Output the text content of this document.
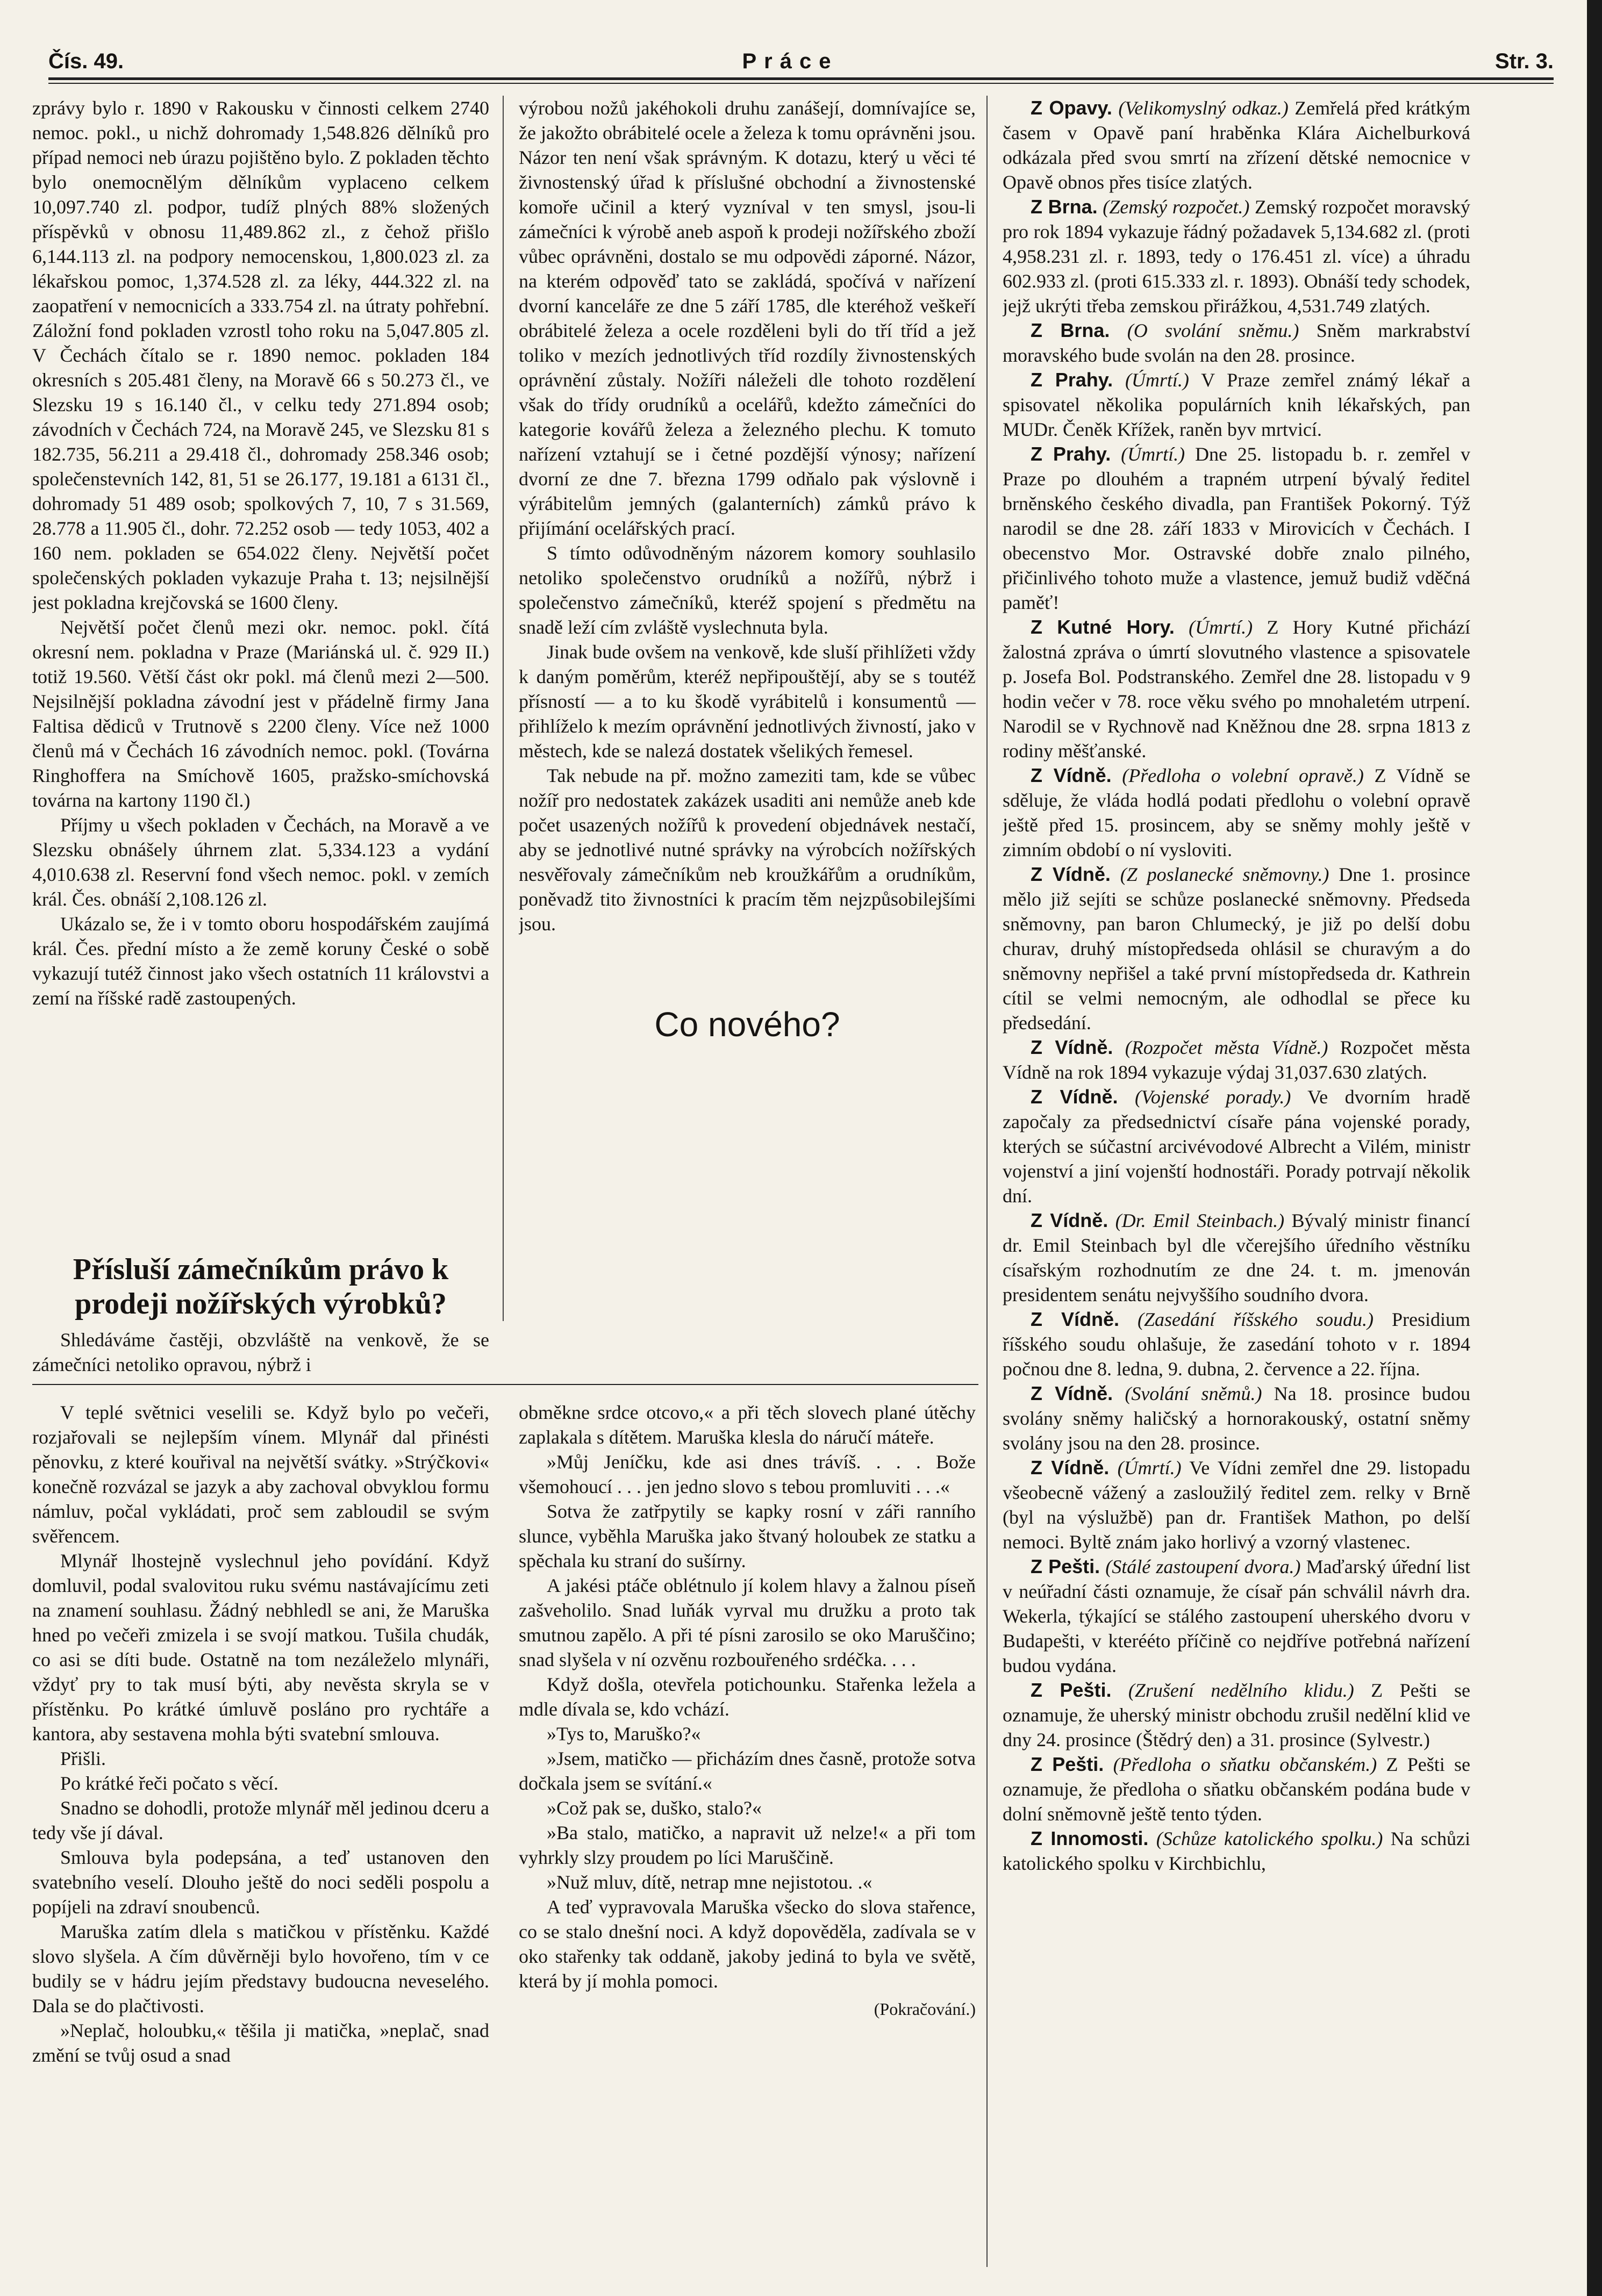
Čís. 49.	Práce	Str. 3.

zprávy bylo r. 1890 v Rakousku v činnosti celkem 2740 nemoc. pokl., u nichž dohromady 1,548.826 dělníků pro případ nemoci neb úrazu pojištěno bylo. Z pokladen těchto bylo onemocnělým dělníkům vyplaceno celkem 10,097.740 zl. podpor, tudíž plných 88% složených příspěvků v obnosu 11,489.862 zl., z čehož přišlo 6,144.113 zl. na podpory nemocenskou, 1,800.023 zl. za lékařskou pomoc, 1,374.528 zl. za léky, 444.322 zl. na zaopatření v nemocnicích a 333.754 zl. na útraty pohřební. Záložní fond pokladen vzrostl toho roku na 5,047.805 zl. V Čechách čítalo se r. 1890 nemoc. pokladen 184 okresních s 205.481 členy, na Moravě 66 s 50.273 čl., ve Slezsku 19 s 16.140 čl., v celku tedy 271.894 osob; závodních v Čechách 724, na Moravě 245, ve Slezsku 81 s 182.735, 56.211 a 29.418 čl., dohromady 258.346 osob; společenstevních 142, 81, 51 se 26.177, 19.181 a 6131 čl., dohromady 51 489 osob; spolkových 7, 10, 7 s 31.569, 28.778 a 11.905 čl., dohr. 72.252 osob — tedy 1053, 402 a 160 nem. pokladen se 654.022 členy. Největší počet společenských pokladen vykazuje Praha t. 13; nejsilnější jest pokladna krejčovská se 1600 členy.

Největší počet členů mezi okr. nemoc. pokl. čítá okresní nem. pokladna v Praze (Mariánská ul. č. 929 II.) totiž 19.560. Větší část okr pokl. má členů mezi 2—500. Nejsilnější pokladna závodní jest v přádelně firmy Jana Faltisa dědiců v Trutnově s 2200 členy. Více než 1000 členů má v Čechách 16 závodních nemoc. pokl. (Továrna Ringhoffera na Smíchově 1605, pražsko-smíchovská továrna na kartony 1190 čl.)

Příjmy u všech pokladen v Čechách, na Moravě a ve Slezsku obnášely úhrnem zlat. 5,334.123 a vydání 4,010.638 zl. Reservní fond všech nemoc. pokl. v zemích král. Čes. obnáší 2,108.126 zl.

Ukázalo se, že i v tomto oboru hospodářském zaujímá král. Čes. přední místo a že země koruny České o sobě vykazují tutéž činnost jako všech ostatních 11 královstvi a zemí na říšské radě zastoupených.

Přísluší zámečníkům právo k prodeji nožířských výrobků?
Shledáváme častěji, obzvláště na venkově, že se zámečníci netoliko opravou, nýbrž i

výrobou nožů jakéhokoli druhu zanášejí, domnívajíce se, že jakožto obrábitelé ocele a železa k tomu oprávněni jsou. Názor ten není však správným. K dotazu, který u věci té živnostenský úřad k příslušné obchodní a živnostenské komoře učinil a který vyzníval v ten smysl, jsou-li zámečníci k výrobě aneb aspoň k prodeji nožířského zboží vůbec oprávněni, dostalo se mu odpovědi záporné. Názor, na kterém odpověď tato se zakládá, spočívá v nařízení dvorní kanceláře ze dne 5 září 1785, dle kteréhož veškeří obrábitelé železa a ocele rozděleni byli do tří tříd a jež toliko v mezích jednotlivých tříd rozdíly živnostenských oprávnění zůstaly. Nožíři náleželi dle tohoto rozdělení však do třídy orudníků a ocelářů, kdežto zámečníci do kategorie kovářů železa a železného plechu. K tomuto nařízení vztahují se i četné pozdější výnosy; nařízení dvorní ze dne 7. března 1799 odňalo pak výslovně i výrábitelům jemných (galanterních) zámků právo k přijímání ocelářských prací.

S tímto odůvodněným názorem komory souhlasilo netoliko společenstvo orudníků a nožířů, nýbrž i společenstvo zámečníků, kteréž spojení s předmětu na snadě leží cím zvláště vyslechnuta byla.

Jinak bude ovšem na venkově, kde sluší přihlížeti vždy k daným poměrům, kteréž nepřipouštějí, aby se s toutéž přísností — a to ku škodě vyrábitelů i konsumentů — přihlíželo k mezím oprávnění jednotlivých živností, jako v městech, kde se nalezá dostatek všelikých řemesel.

Tak nebude na př. možno zameziti tam, kde se vůbec nožíř pro nedostatek zakázek usaditi ani nemůže aneb kde počet usazených nožířů k provedení objednávek nestačí, aby se jednotlivé nutné správky na výrobcích nožířských nesvěřovaly zámečníkům neb kroužkářům a orudníkům, poněvadž tito živnostníci k pracím těm nejzpůsobilejšími jsou.

Co nového?

Z Opavy. (Velikomyslný odkaz.) Zemřelá před krátkým časem v Opavě paní hraběnka Klára Aichelburková odkázala před svou smrtí na zřízení dětské nemocnice v Opavě obnos přes tisíce zlatých.

Z Brna. (Zemský rozpočet.) Zemský rozpočet moravský pro rok 1894 vykazuje řádný požadavek 5,134.682 zl. (proti 4,958.231 zl. r. 1893, tedy o 176.451 zl. více) a úhradu 602.933 zl. (proti 615.333 zl. r. 1893). Obnáší tedy schodek, jejž ukrýti třeba zemskou přirážkou, 4,531.749 zlatých.

Z Brna. (O svolání sněmu.) Sněm markrabství moravského bude svolán na den 28. prosince.

Z Prahy. (Úmrtí.) V Praze zemřel známý lékař a spisovatel několika populárních knih lékařských, pan MUDr. Čeněk Křížek, raněn byv mrtvicí.

Z Prahy. (Úmrtí.) Dne 25. listopadu b. r. zemřel v Praze po dlouhém a trapném utrpení bývalý ředitel brněnského českého divadla, pan František Pokorný. Týž narodil se dne 28. září 1833 v Mirovicích v Čechách. I obecenstvo Mor. Ostravské dobře znalo pilného, přičinlivého tohoto muže a vlastence, jemuž budiž vděčná paměť!

Z Kutné Hory. (Úmrtí.) Z Hory Kutné přichází žalostná zpráva o úmrtí slovutného vlastence a spisovatele p. Josefa Bol. Podstranského. Zemřel dne 28. listopadu v 9 hodin večer v 78. roce věku svého po mnohaletém utrpení. Narodil se v Rychnově nad Kněžnou dne 28. srpna 1813 z rodiny měšťanské.

Z Vídně. (Předloha o volební opravě.) Z Vídně se sděluje, že vláda hodlá podati předlohu o volební opravě ještě před 15. prosincem, aby se sněmy mohly ještě v zimním období o ní vysloviti.

Z Vídně. (Z poslanecké sněmovny.) Dne 1. prosince mělo již sejíti se schůze poslanecké sněmovny. Předseda sněmovny, pan baron Chlumecký, je již po delší dobu churav, druhý místopředseda ohlásil se churavým a do sněmovny nepřišel a také první místopředseda dr. Kathrein cítil se velmi nemocným, ale odhodlal se přece ku předsedání.

Z Vídně. (Rozpočet města Vídně.) Rozpočet města Vídně na rok 1894 vykazuje výdaj 31,037.630 zlatých.

Z Vídně. (Vojenské porady.) Ve dvorním hradě započaly za předsednictví císaře pána vojenské porady, kterých se súčastní arcivévodové Albrecht a Vilém, ministr vojenství a jiní vojenští hodnostáři. Porady potrvají několik dní.

Z Vídně. (Dr. Emil Steinbach.) Bývalý ministr financí dr. Emil Steinbach byl dle včerejšího úředního věstníku císařským rozhodnutím ze dne 24. t. m. jmenován presidentem senátu nejvyššího soudního dvora.

Z Vídně. (Zasedání říšského soudu.) Presidium říšského soudu ohlašuje, že zasedání tohoto v r. 1894 počnou dne 8. ledna, 9. dubna, 2. července a 22. října.

Z Vídně. (Svolání sněmů.) Na 18. prosince budou svolány sněmy haličský a hornorakouský, ostatní sněmy svolány jsou na den 28. prosince.

Z Vídně. (Úmrtí.) Ve Vídni zemřel dne 29. listopadu všeobecně vážený a zasloužilý ředitel zem. relky v Brně (byl na výslužbě) pan dr. František Mathon, po delší nemoci. Byltě znám jako horlivý a vzorný vlastenec.

Z Pešti. (Stálé zastoupení dvora.) Maďarský úřední list v neúřadní části oznamuje, že císař pán schválil návrh dra. Wekerla, týkající se stálého zastoupení uherského dvoru v Budapešti, v kterééto příčině co nejdříve potřebná nařízení budou vydána.

Z Pešti. (Zrušení nedělního klidu.) Z Pešti se oznamuje, že uherský ministr obchodu zrušil nedělní klid ve dny 24. prosince (Štědrý den) a 31. prosince (Sylvestr.)

Z Pešti. (Předloha o sňatku občanském.) Z Pešti se oznamuje, že předloha o sňatku občanském podána bude v dolní sněmovně ještě tento týden.

Z Innomosti. (Schůze katolického spolku.) Na schůzi katolického spolku v Kirchbichlu,

V teplé světnici veselili se. Když bylo po večeři, rozjařovali se nejlepším vínem. Mlynář dal přinésti pěnovku, z které kouřival na největší svátky. »Strýčkovi« konečně rozvázal se jazyk a aby zachoval obvyklou formu námluv, počal vykládati, proč sem zabloudil se svým svěřencem.

Mlynář lhostejně vyslechnul jeho povídání. Když domluvil, podal svalovitou ruku svému nastávajícímu zeti na znamení souhlasu. Žádný nebhledl se ani, že Maruška hned po večeři zmizela i se svojí matkou. Tušila chudák, co asi se díti bude. Ostatně na tom nezáleželo mlynáři, vždyť pry to tak musí býti, aby nevěsta skryla se v přístěnku. Po krátké úmluvě posláno pro rychtáře a kantora, aby sestavena mohla býti svatební smlouva.

Přišli.

Po krátké řeči počato s věcí.

Snadno se dohodli, protože mlynář měl jedinou dceru a tedy vše jí dával.

Smlouva byla podepsána, a teď ustanoven den svatebního veselí. Dlouho ještě do noci seděli pospolu a popíjeli na zdraví snoubenců.

Maruška zatím dlela s matičkou v přístěnku. Každé slovo slyšela. A čím důvěrněji bylo hovořeno, tím v ce budily se v hádru jejím představy budoucna neveselého. Dala se do plačtivosti.

»Neplač, holoubku,« těšila ji matička, »neplač, snad změní se tvůj osud a snad

obměkne srdce otcovo,« a při těch slovech plané útěchy zaplakala s dítětem. Maruška klesla do náručí mátеře.

»Můj Jeníčku, kde asi dnes trávíš. . . . Bože všemohoucí . . . jen jedno slovo s tebou promluviti . . .«

Sotva že zatřpytily se kapky rosní v záři ranního slunce, vyběhla Maruška jako štvaný holoubek ze statku a spěchala ku straní do sušírny.

A jakési ptáče oblétnulo jí kolem hlavy a žalnou píseň zašveholilo. Snad luňák vyrval mu družku a proto tak smutnou zapělo. A při té písni zarosilo se oko Maruščino; snad slyšela v ní ozvěnu rozbouřeného srdéčka. . . .

Když došla, otevřela potichounku. Stařenka ležela a mdle dívala se, kdo vchází.

»Tys to, Maruško?«

»Jsem, matičko — přicházím dnes časně, protože sotva dočkala jsem se svítání.«

»Což pak se, duškо, stalo?«

»Ba stalo, matičko, a napravit už nelze!« a při tom vyhrkly slzy proudem po líci Maruščině.

»Nuž mluv, dítě, netrap mne nejistotou. .«

A teď vypravovala Maruška všecko do slova stařence, co se stalo dnešní noci. A když dopověděla, zadívala se v oko stařenky tak oddaně, jakoby jediná to byla ve světě, která by jí mohla pomoci.

(Pokračování.)
